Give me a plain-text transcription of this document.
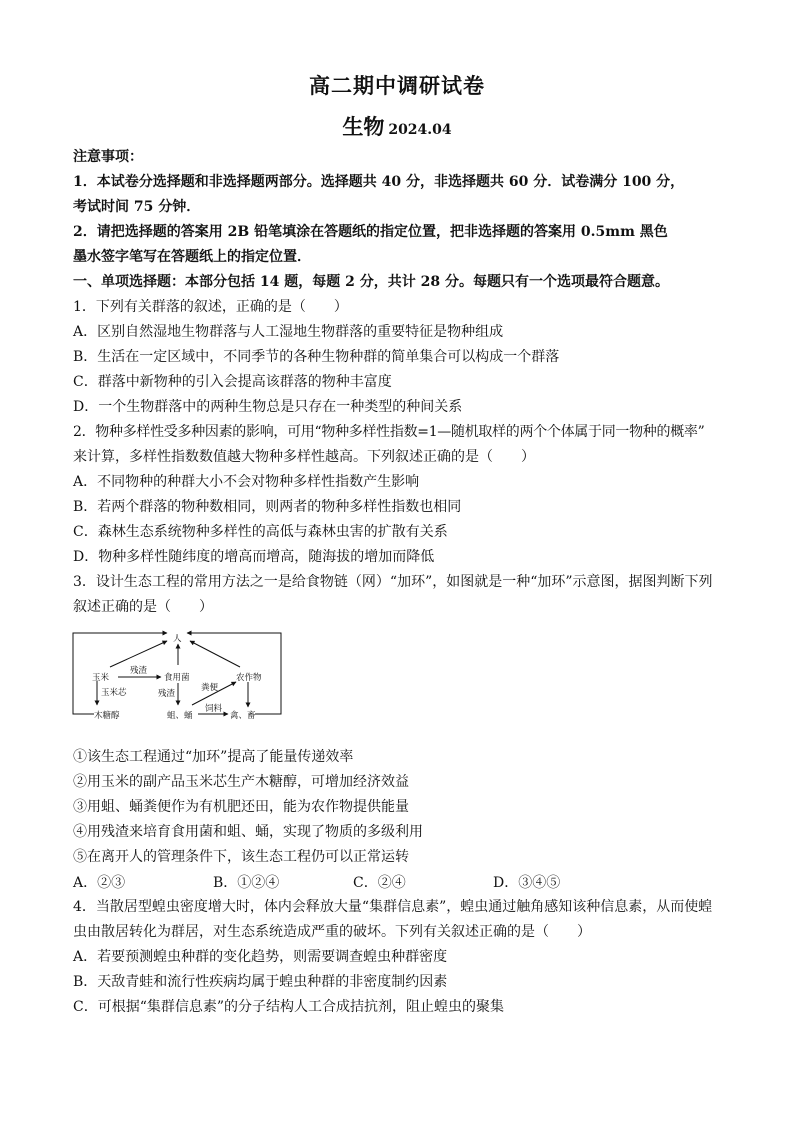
高二期中调研试卷
生物 2024.04
注意事项：
1．本试卷分选择题和非选择题两部分。选择题共 40 分，非选择题共 60 分．试卷满分 100 分，
考试时间 75 分钟．
2．请把选择题的答案用 2B 铅笔填涂在答题纸的指定位置，把非选择题的答案用 0.5mm 黑色
墨水签字笔写在答题纸上的指定位置．
一、单项选择题：本部分包括 14 题，每题 2 分，共计 28 分。每题只有一个选项最符合题意。
1．下列有关群落的叙述，正确的是（　　）
A．区别自然湿地生物群落与人工湿地生物群落的重要特征是物种组成
B．生活在一定区域中，不同季节的各种生物种群的简单集合可以构成一个群落
C．群落中新物种的引入会提高该群落的物种丰富度
D．一个生物群落中的两种生物总是只存在一种类型的种间关系
2．物种多样性受多种因素的影响，可用“物种多样性指数=1—随机取样的两个个体属于同一物种的概率”
来计算，多样性指数数值越大物种多样性越高。下列叙述正确的是（　　）
A．不同物种的种群大小不会对物种多样性指数产生影响
B．若两个群落的物种数相同，则两者的物种多样性指数也相同
C．森林生态系统物种多样性的高低与森林虫害的扩散有关系
D．物种多样性随纬度的增高而增高，随海拔的增加而降低
3．设计生态工程的常用方法之一是给食物链（网）“加环”，如图就是一种“加环”示意图，据图判断下列
叙述正确的是（　　）
人
玉米
残渣
食用菌	农作物
玉米芯	残渣
粪便
木糖醇	蛆、蛹
饲料
禽、畜
①该生态工程通过“加环”提高了能量传递效率
②用玉米的副产品玉米芯生产木糖醇，可增加经济效益
③用蛆、蛹粪便作为有机肥还田，能为农作物提供能量
④用残渣来培育食用菌和蛆、蛹，实现了物质的多级利用
⑤在离开人的管理条件下，该生态工程仍可以正常运转
A．②③	B．①②④	C．②④	D．③④⑤
4．当散居型蝗虫密度增大时，体内会释放大量“集群信息素”，蝗虫通过触角感知该种信息素，从而使蝗
虫由散居转化为群居，对生态系统造成严重的破坏。下列有关叙述正确的是（　　）
A．若要预测蝗虫种群的变化趋势，则需要调查蝗虫种群密度
B．天敌青蛙和流行性疾病均属于蝗虫种群的非密度制约因素
C．可根据“集群信息素”的分子结构人工合成拮抗剂，阻止蝗虫的聚集
